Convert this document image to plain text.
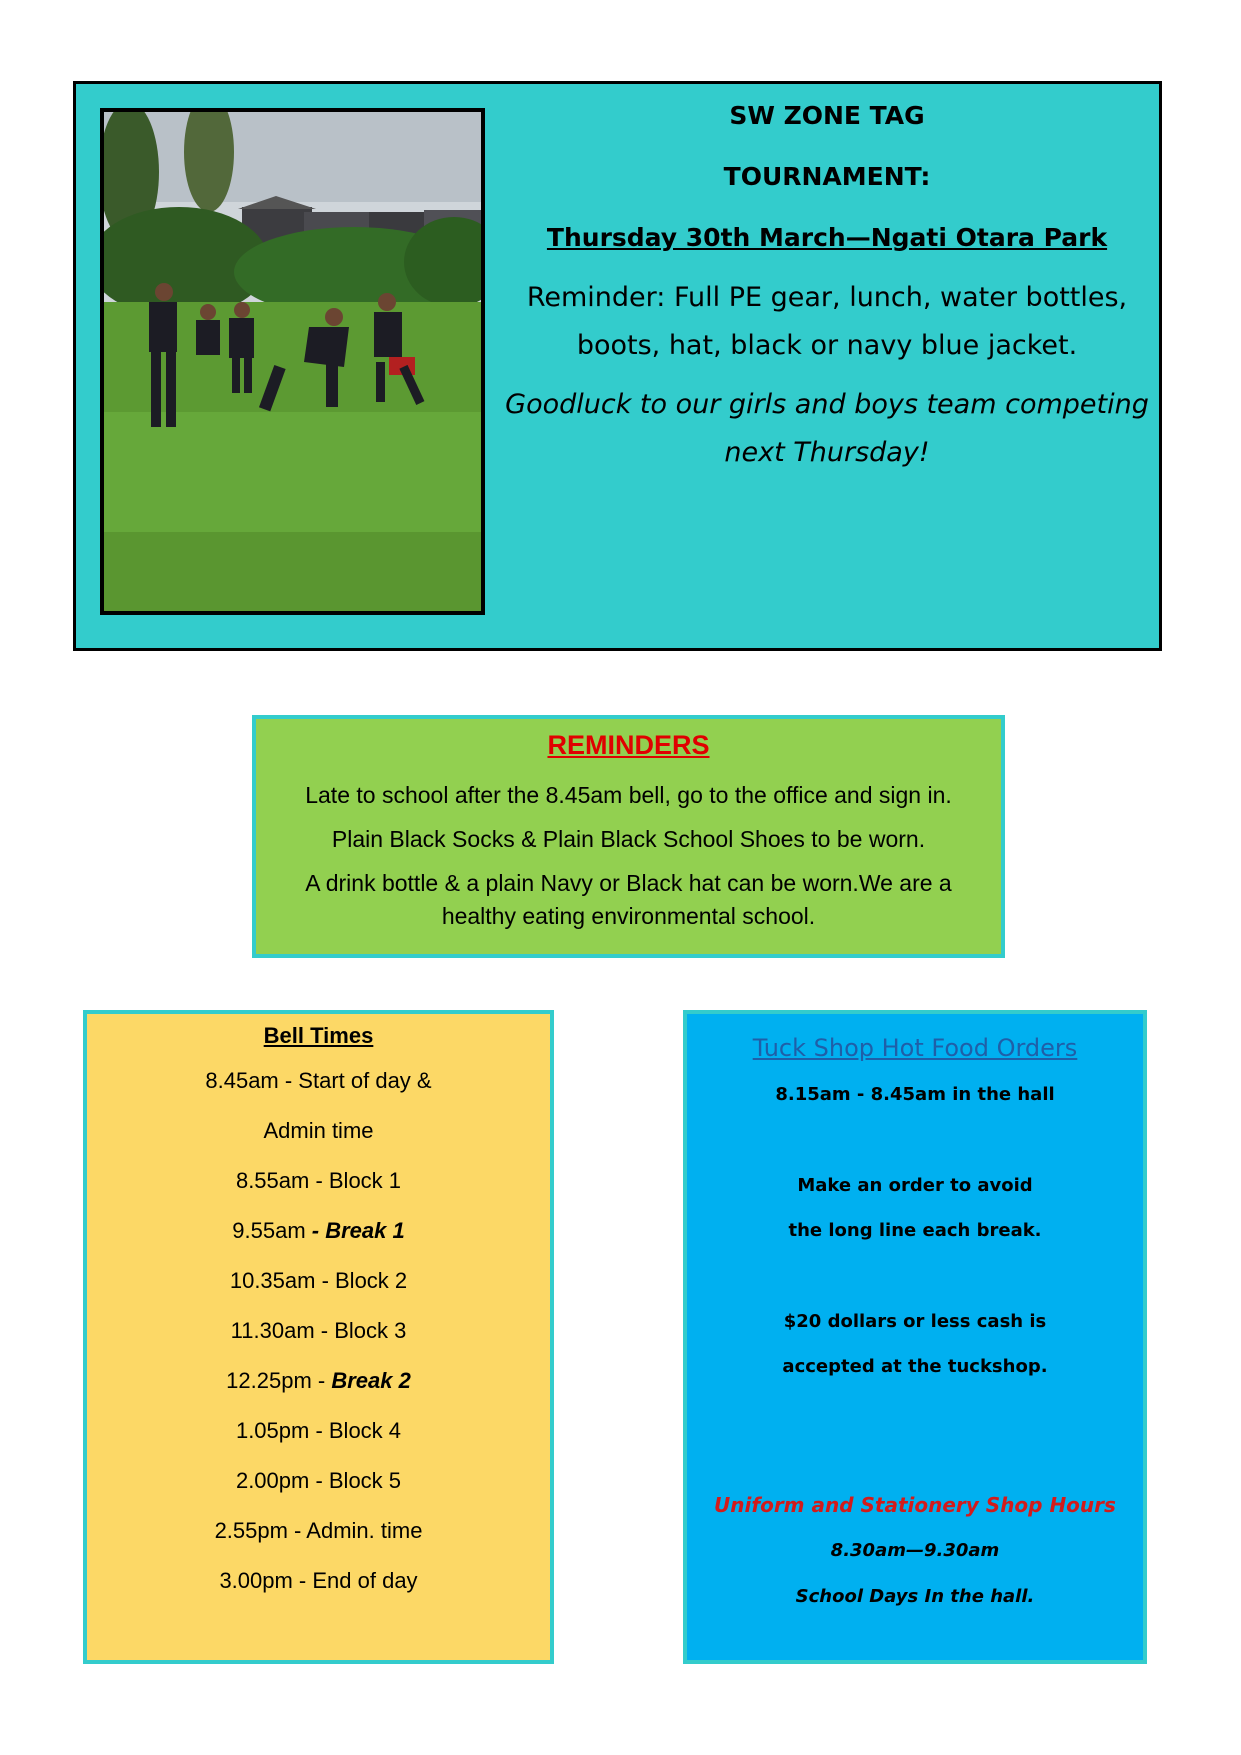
SW ZONE TAG
TOURNAMENT:
Thursday 30th March—Ngati Otara Park
Reminder: Full PE gear, lunch, water bottles,
boots, hat, black or navy blue jacket.
Goodluck to our girls and boys team competing
next Thursday!
REMINDERS
Late to school after the 8.45am bell, go to the office and sign in.
Plain Black Socks & Plain Black School Shoes to be worn.
A drink bottle & a plain Navy or Black hat can be worn.We are a healthy eating environmental school.
Bell Times
8.45am - Start of day &
Admin time
8.55am - Block 1
9.55am - Break 1
10.35am - Block 2
11.30am - Block 3
12.25pm - Break 2
1.05pm - Block 4
2.00pm - Block 5
2.55pm - Admin. time
3.00pm - End of day
Tuck Shop Hot Food Orders
8.15am - 8.45am in the hall
Make an order to avoid
the long line each break.
$20 dollars or less cash is
accepted at the tuckshop.
Uniform and Stationery Shop Hours
8.30am—9.30am
School Days In the hall.
